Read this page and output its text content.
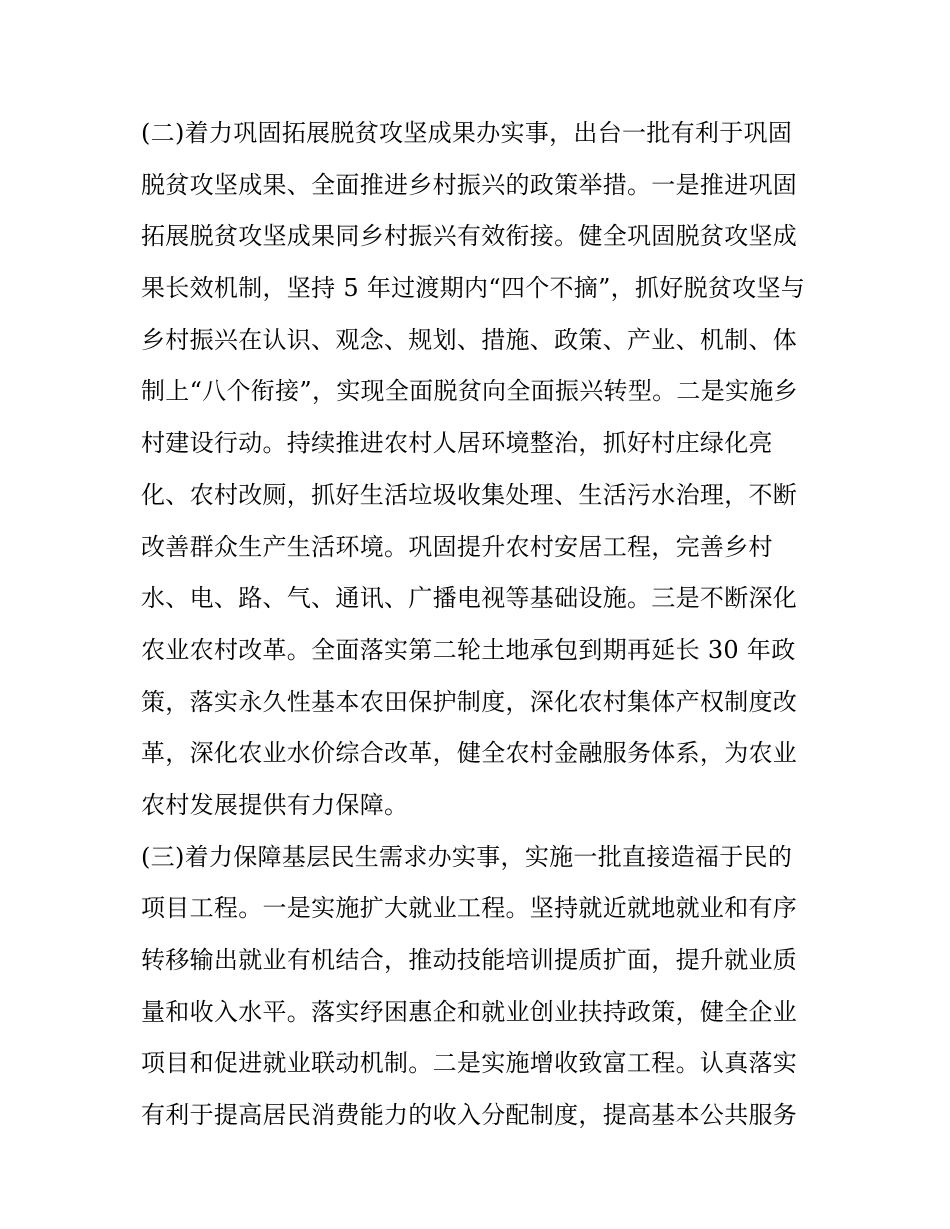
(二)着力巩固拓展脱贫攻坚成果办实事，出台一批有利于巩固
脱贫攻坚成果、全面推进乡村振兴的政策举措。一是推进巩固
拓展脱贫攻坚成果同乡村振兴有效衔接。健全巩固脱贫攻坚成
果长效机制，坚持 5 年过渡期内“四个不摘”，抓好脱贫攻坚与
乡村振兴在认识、观念、规划、措施、政策、产业、机制、体
制上“八个衔接”，实现全面脱贫向全面振兴转型。二是实施乡
村建设行动。持续推进农村人居环境整治，抓好村庄绿化亮
化、农村改厕，抓好生活垃圾收集处理、生活污水治理，不断
改善群众生产生活环境。巩固提升农村安居工程，完善乡村
水、电、路、气、通讯、广播电视等基础设施。三是不断深化
农业农村改革。全面落实第二轮土地承包到期再延长 30 年政
策，落实永久性基本农田保护制度，深化农村集体产权制度改
革，深化农业水价综合改革，健全农村金融服务体系，为农业
农村发展提供有力保障。
(三)着力保障基层民生需求办实事，实施一批直接造福于民的
项目工程。一是实施扩大就业工程。坚持就近就地就业和有序
转移输出就业有机结合，推动技能培训提质扩面，提升就业质
量和收入水平。落实纾困惠企和就业创业扶持政策，健全企业
项目和促进就业联动机制。二是实施增收致富工程。认真落实
有利于提高居民消费能力的收入分配制度，提高基本公共服务
